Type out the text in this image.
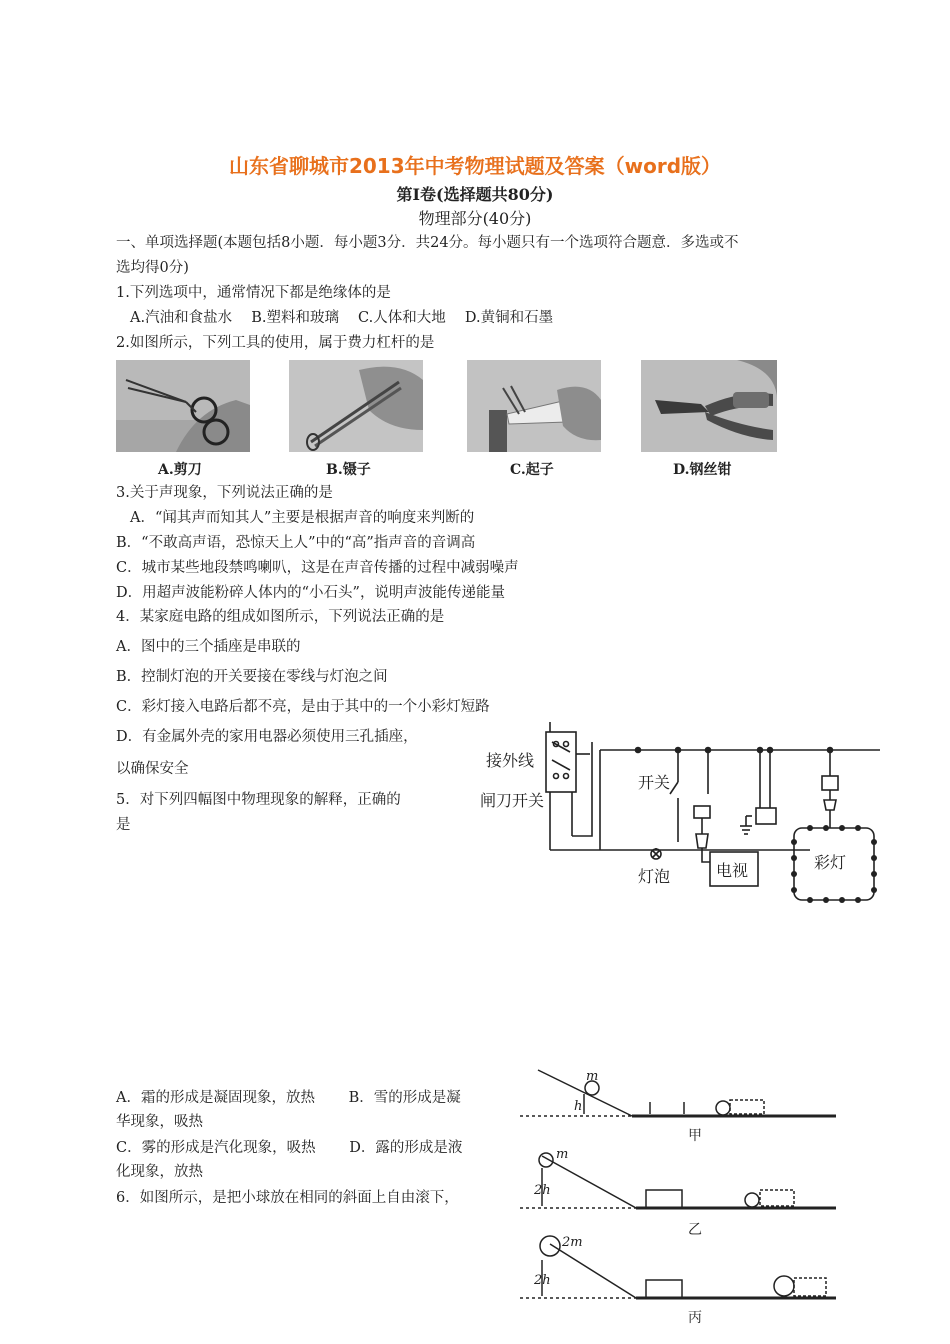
山东省聊城市2013年中考物理试题及答案（word版）
第Ⅰ卷(选择题共80分)
物理部分(40分)
一、单项选择题(本题包括8小题．每小题3分．共24分。每小题只有一个选项符合题意．多选或不
选均得0分)
1.下列选项中，通常情况下都是绝缘体的是
A.汽油和食盐水　 B.塑料和玻璃　 C.人体和大地　 D.黄铜和石墨
2.如图所示，下列工具的使用，属于费力杠杆的是
A.剪刀	B.镊子	C.起子	D.钢丝钳
3.关于声现象，下列说法正确的是
A．“闻其声而知其人”主要是根据声音的响度来判断的
B．“不敢高声语，恐惊天上人”中的“高”指声音的音调高
C．城市某些地段禁鸣喇叭，这是在声音传播的过程中减弱噪声
D．用超声波能粉碎人体内的“小石头”，说明声波能传递能量
4．某家庭电路的组成如图所示，下列说法正确的是
A．图中的三个插座是串联的
B．控制灯泡的开关要接在零线与灯泡之间
C．彩灯接入电路后都不亮，是由于其中的一个小彩灯短路
D．有金属外壳的家用电器必须使用三孔插座，
以确保安全
5．对下列四幅图中物理现象的解释，正确的
是
接外线
闸刀开关
开关
灯泡	电视	彩灯
A．霜的形成是凝固现象，放热　　 B．雪的形成是凝
华现象，吸热
C．雾的形成是汽化现象，吸热　　 D．露的形成是液
化现象，放热
6．如图所示，是把小球放在相同的斜面上自由滚下，
m
h
甲
m
2h
乙
2m
2h
丙
